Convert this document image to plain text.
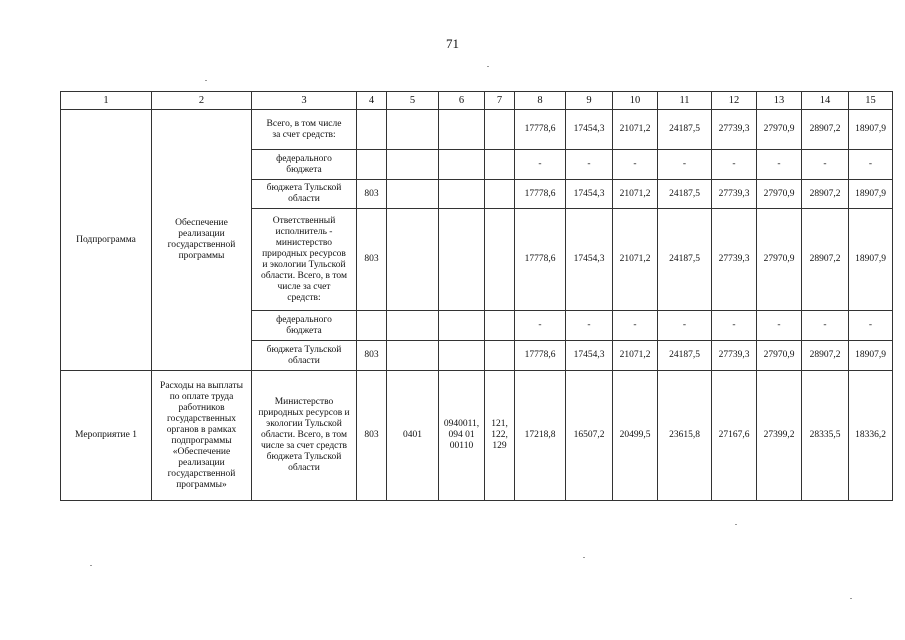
71
1	2	3	4	5	6	7	8	9	10	11	12	13	14	15
Подпрограмма	Обеспечение реализации государственной программы	Всего, в том числе за счет средств:					17778,6	17454,3	21071,2	24187,5	27739,3	27970,9	28907,2	18907,9
		федерального бюджета					-	-	-	-	-	-	-	-
		бюджета Тульской области	803				17778,6	17454,3	21071,2	24187,5	27739,3	27970,9	28907,2	18907,9
		Ответственный исполнитель - министерство природных ресурсов и экологии Тульской области. Всего, в том числе за счет средств:	803				17778,6	17454,3	21071,2	24187,5	27739,3	27970,9	28907,2	18907,9
		федерального бюджета					-	-	-	-	-	-	-	-
		бюджета Тульской области	803				17778,6	17454,3	21071,2	24187,5	27739,3	27970,9	28907,2	18907,9
Мероприятие 1	Расходы на выплаты по оплате труда работников государственных органов в рамках подпрограммы «Обеспечение реализации государственной программы»	Министерство природных ресурсов и экологии Тульской области. Всего, в том числе за счет средств бюджета Тульской области	803	0401	0940011, 094 01 00110	121, 122, 129	17218,8	16507,2	20499,5	23615,8	27167,6	27399,2	28335,5	18336,2
